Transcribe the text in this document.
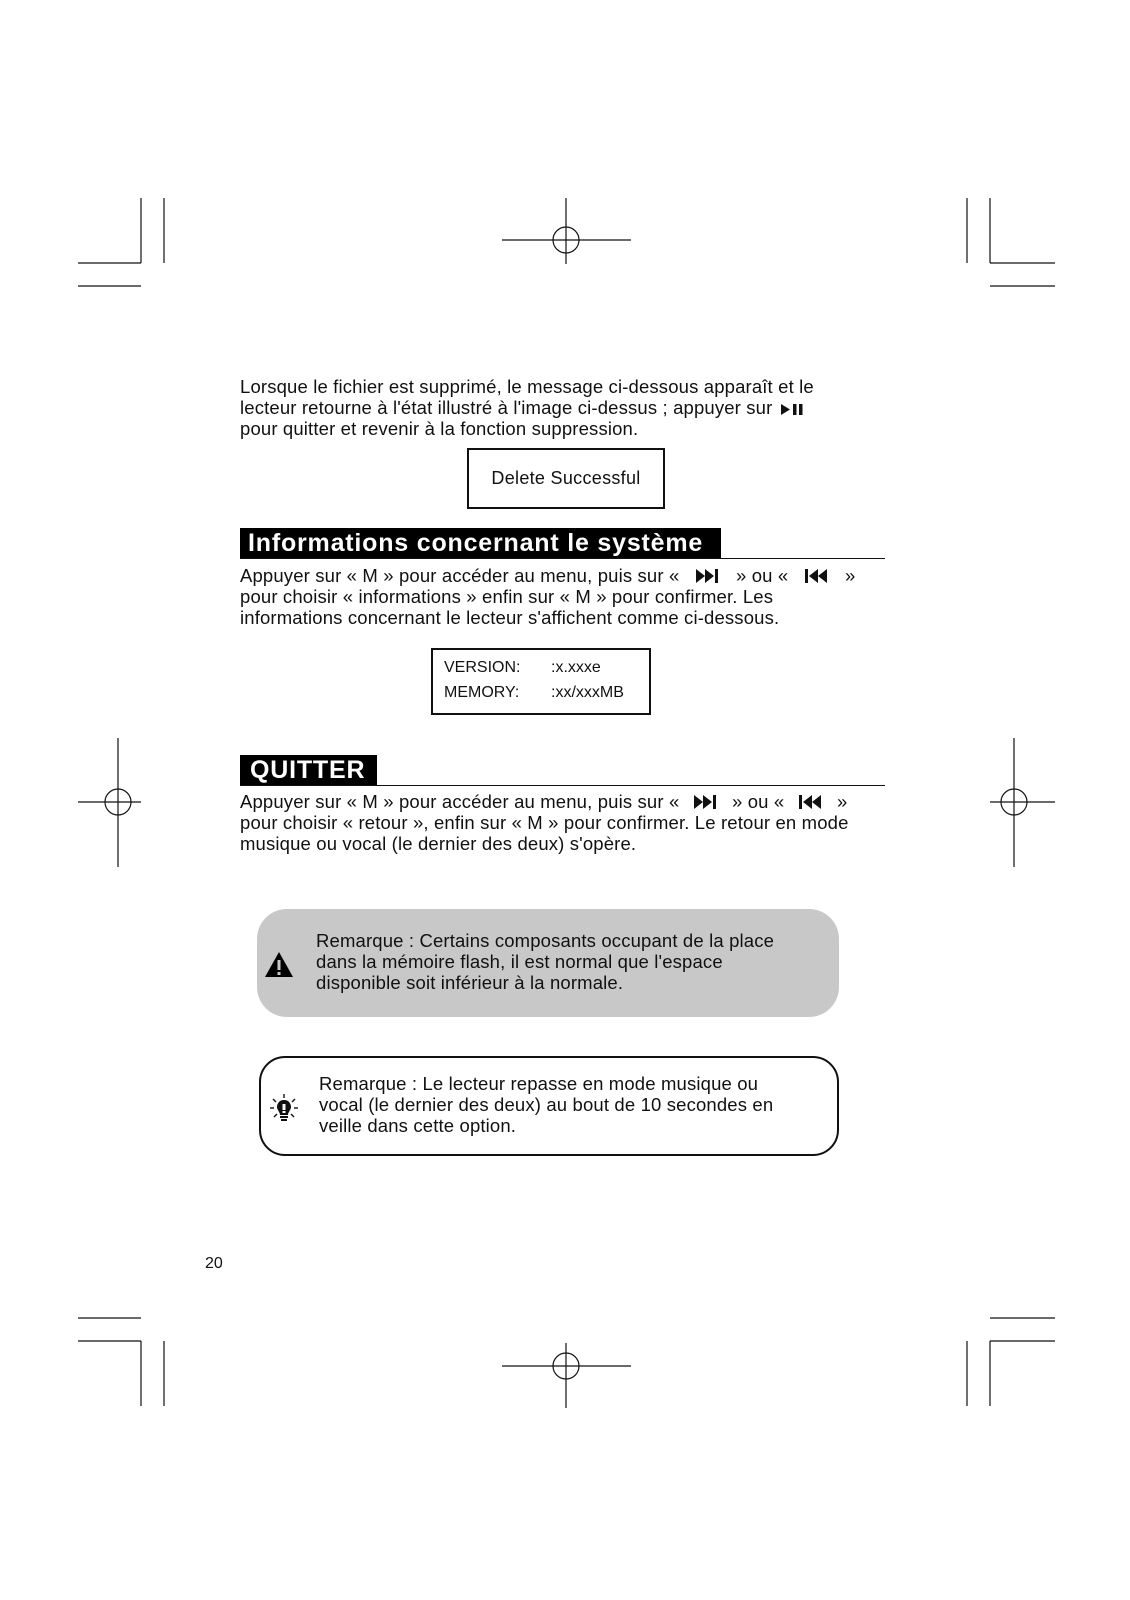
Lorsque le fichier est supprimé, le message ci-dessous apparaît et le
lecteur retourne à l'état illustré à l'image ci-dessus ; appuyer sur
pour quitter et revenir à la fonction suppression.
Delete Successful
Informations concernant le système
Appuyer sur « M » pour accéder au menu, puis sur «	» ou «	»
pour choisir « informations » enfin sur « M » pour confirmer. Les
informations concernant le lecteur s'affichent comme ci-dessous.
VERSION: :x.xxxe
MEMORY: :xx/xxxMB
QUITTER
Appuyer sur « M » pour accéder au menu, puis sur «	» ou «	»
pour choisir « retour », enfin sur « M » pour confirmer. Le retour en mode
musique ou vocal (le dernier des deux) s'opère.
Remarque : Certains composants occupant de la place
dans la mémoire flash, il est normal que l'espace
disponible soit inférieur à la normale.
Remarque : Le lecteur repasse en mode musique ou
vocal (le dernier des deux) au bout de 10 secondes en
veille dans cette option.
20
